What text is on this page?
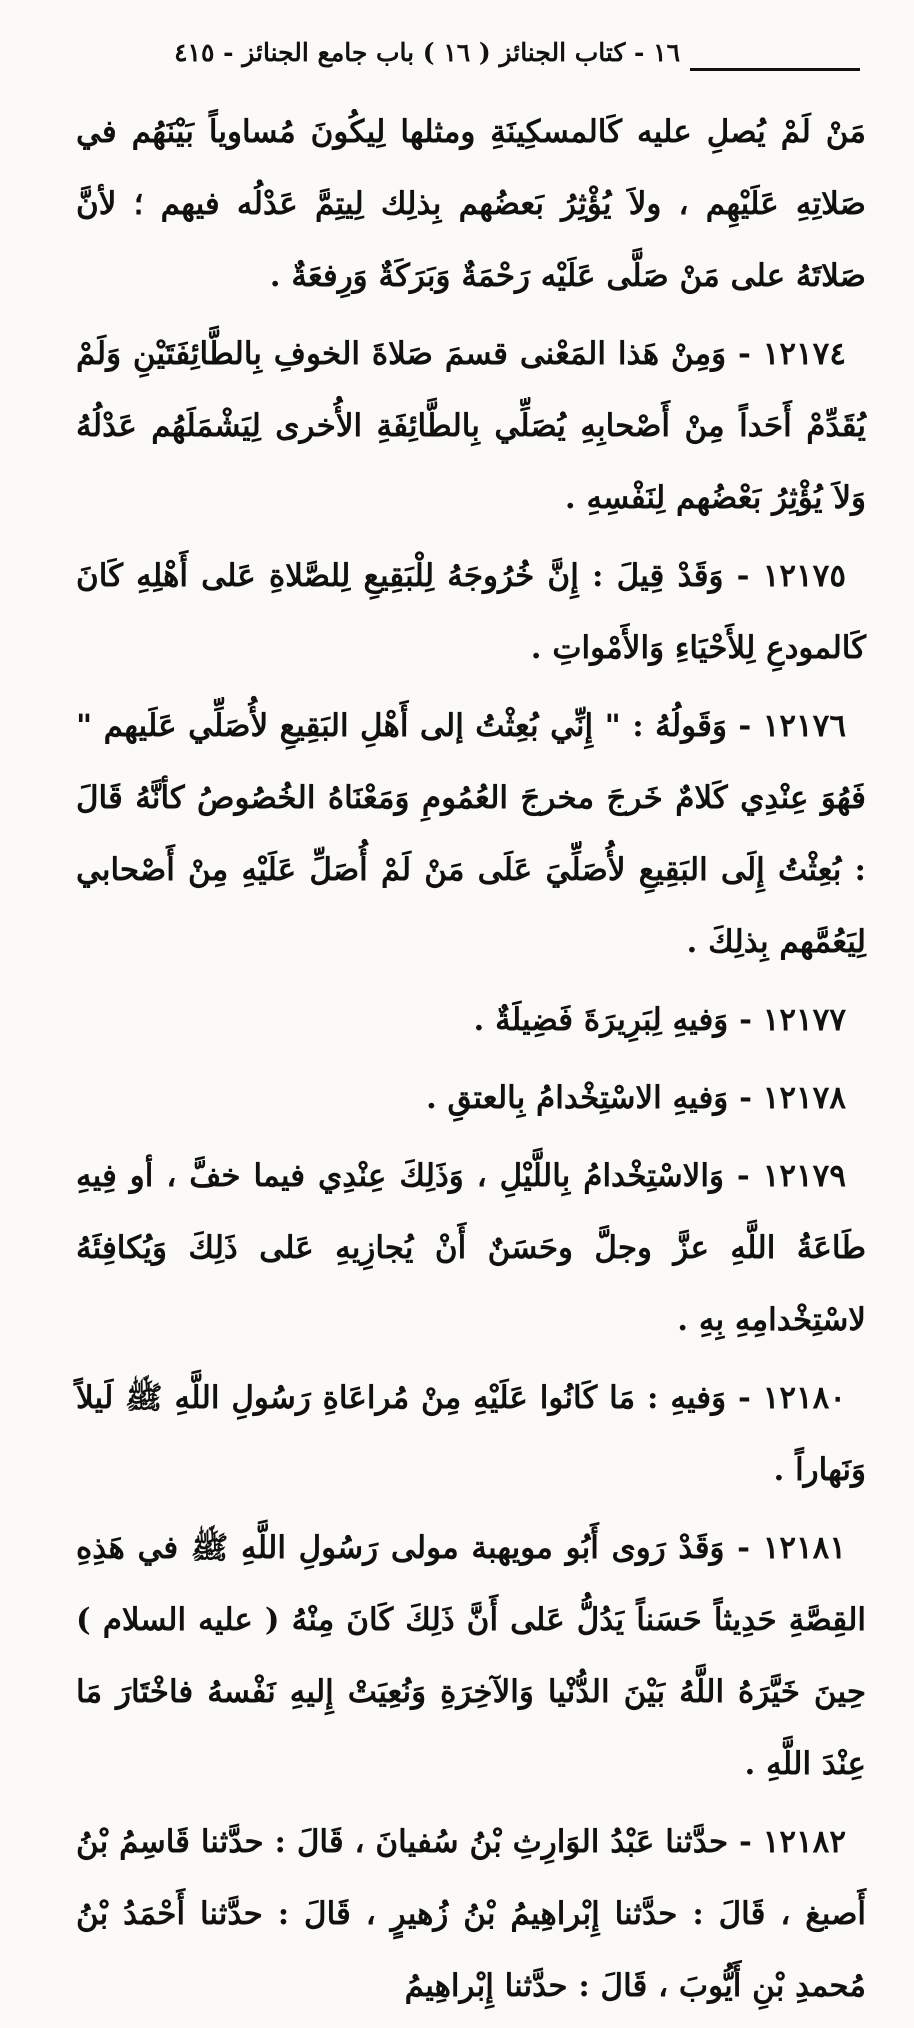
١٦ - كتاب الجنائز ( ١٦ ) باب جامع الجنائز - ٤١٥

مَنْ لَمْ يُصلِ عليه كَالمسكِينَةِ ومثلها لِيكُونَ مُساوياً بَيْنَهُم في صَلاتِهِ عَلَيْهِم ، ولاَ يُؤْثِرُ بَعضُهم بِذلِك لِيتِمَّ عَدْلُه فيهم ؛ لأنَّ صَلاتَهُ على مَنْ صَلَّى عَلَيْه رَحْمَةٌ وَبَرَكَةٌ وَرِفعَةٌ .

١٢١٧٤ - وَمِنْ هَذا المَعْنى قسمَ صَلاةَ الخوفِ بِالطَّائِفَتَيْنِ وَلَمْ يُقَدِّمْ أَحَداً مِنْ أَصْحابِهِ يُصَلِّي بِالطَّائِفَةِ الأُخرى لِيَشْمَلَهُم عَدْلُهُ وَلاَ يُؤْثِرُ بَعْضُهم لِنَفْسِهِ .

١٢١٧٥ - وَقَدْ قِيلَ : إِنَّ خُرُوجَهُ لِلْبَقِيعِ لِلصَّلاةِ عَلى أَهْلِهِ كَانَ كَالمودعِ لِلأَحْيَاءِ وَالأَمْواتِ .

١٢١٧٦ - وَقَولُهُ : " إِنِّي بُعِثْتُ إلى أَهْلِ البَقِيعِ لأُصَلِّي عَلَيهم " فَهُوَ عِنْدِي كَلامٌ خَرجَ مخرجَ العُمُومِ وَمَعْنَاهُ الخُصُوصُ كأنَّهُ قَالَ : بُعِثْتُ إِلَى البَقِيعِ لأُصَلِّيَ عَلَى مَنْ لَمْ أُصَلِّ عَلَيْهِ مِنْ أَصْحابي لِيَعُمَّهم بِذلِكَ .

١٢١٧٧ - وَفيهِ لِبَرِيرَةَ فَضِيلَةٌ .

١٢١٧٨ - وَفيهِ الاسْتِخْدامُ بِالعتقِ .

١٢١٧٩ - وَالاسْتِخْدامُ بِاللَّيْلِ ، وَذَلِكَ عِنْدِي فيما خفَّ ، أو فِيهِ طَاعَةُ اللَّهِ عزَّ وجلَّ وحَسَنٌ أَنْ يُجازِيهِ عَلى ذَلِكَ وَيُكافِئَهُ لاسْتِخْدامِهِ بِهِ .

١٢١٨٠ - وَفيهِ : مَا كَانُوا عَلَيْهِ مِنْ مُراعَاةِ رَسُولِ اللَّهِ ﷺ لَيلاً وَنَهاراً .

١٢١٨١ - وَقَدْ رَوى أَبُو مويهبة مولى رَسُولِ اللَّهِ ﷺ في هَذِهِ القِصَّةِ حَدِيثاً حَسَناً يَدُلُّ عَلى أَنَّ ذَلِكَ كَانَ مِنْهُ ( عليه السلام ) حِينَ خَيَّرَهُ اللَّهُ بَيْنَ الدُّنْيا وَالآخِرَةِ وَنُعِيَتْ إِليهِ نَفْسهُ فاخْتَارَ مَا عِنْدَ اللَّهِ .

١٢١٨٢ - حدَّثنا عَبْدُ الوَارِثِ بْنُ سُفيانَ ، قَالَ : حدَّثنا قَاسِمُ بْنُ أَصبغ ، قَالَ : حدَّثنا إِبْراهِيمُ بْنُ زُهيرٍ ، قَالَ : حدَّثنا أَحْمَدُ بْنُ مُحمدِ بْنِ أَيُّوبَ ، قَالَ : حدَّثنا إِبْراهِيمُ
